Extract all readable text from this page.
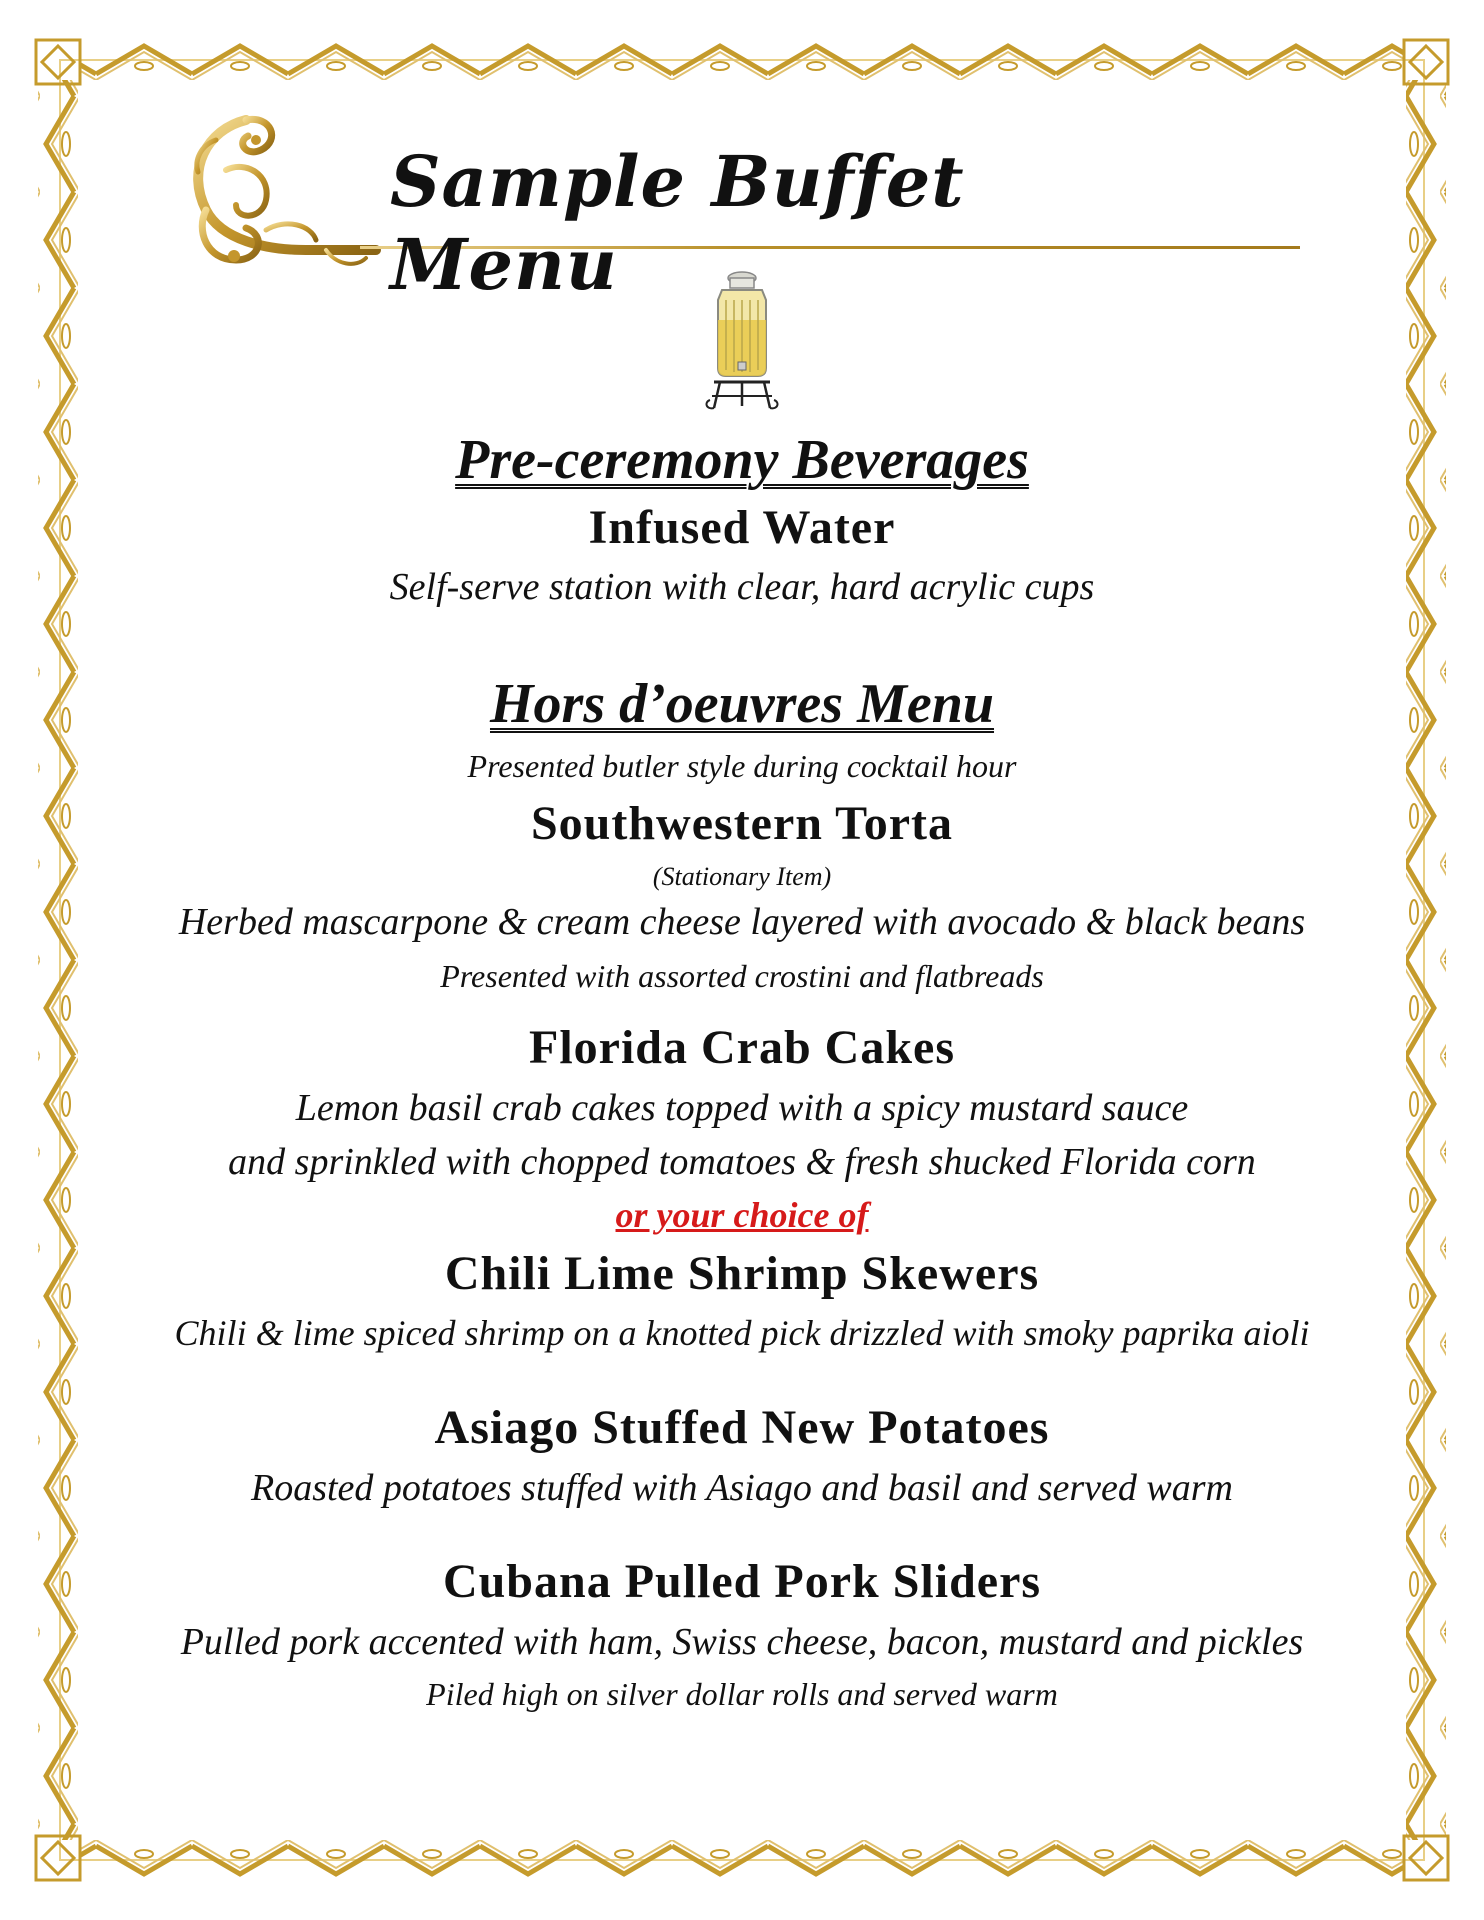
Sample Buffet Menu
Pre-ceremony Beverages
Infused Water
Self-serve station with clear, hard acrylic cups
Hors d’oeuvres Menu
Presented butler style during cocktail hour
Southwestern Torta
(Stationary Item)
Herbed mascarpone & cream cheese layered with avocado & black beans
Presented with assorted crostini and flatbreads
Florida Crab Cakes
Lemon basil crab cakes topped with a spicy mustard sauce
and sprinkled with chopped tomatoes & fresh shucked Florida corn
or your choice of
Chili Lime Shrimp Skewers
Chili & lime spiced shrimp on a knotted pick drizzled with smoky paprika aioli
Asiago Stuffed New Potatoes
Roasted potatoes stuffed with Asiago and basil and served warm
Cubana Pulled Pork Sliders
Pulled pork accented with ham, Swiss cheese, bacon, mustard and pickles
Piled high on silver dollar rolls and served warm
